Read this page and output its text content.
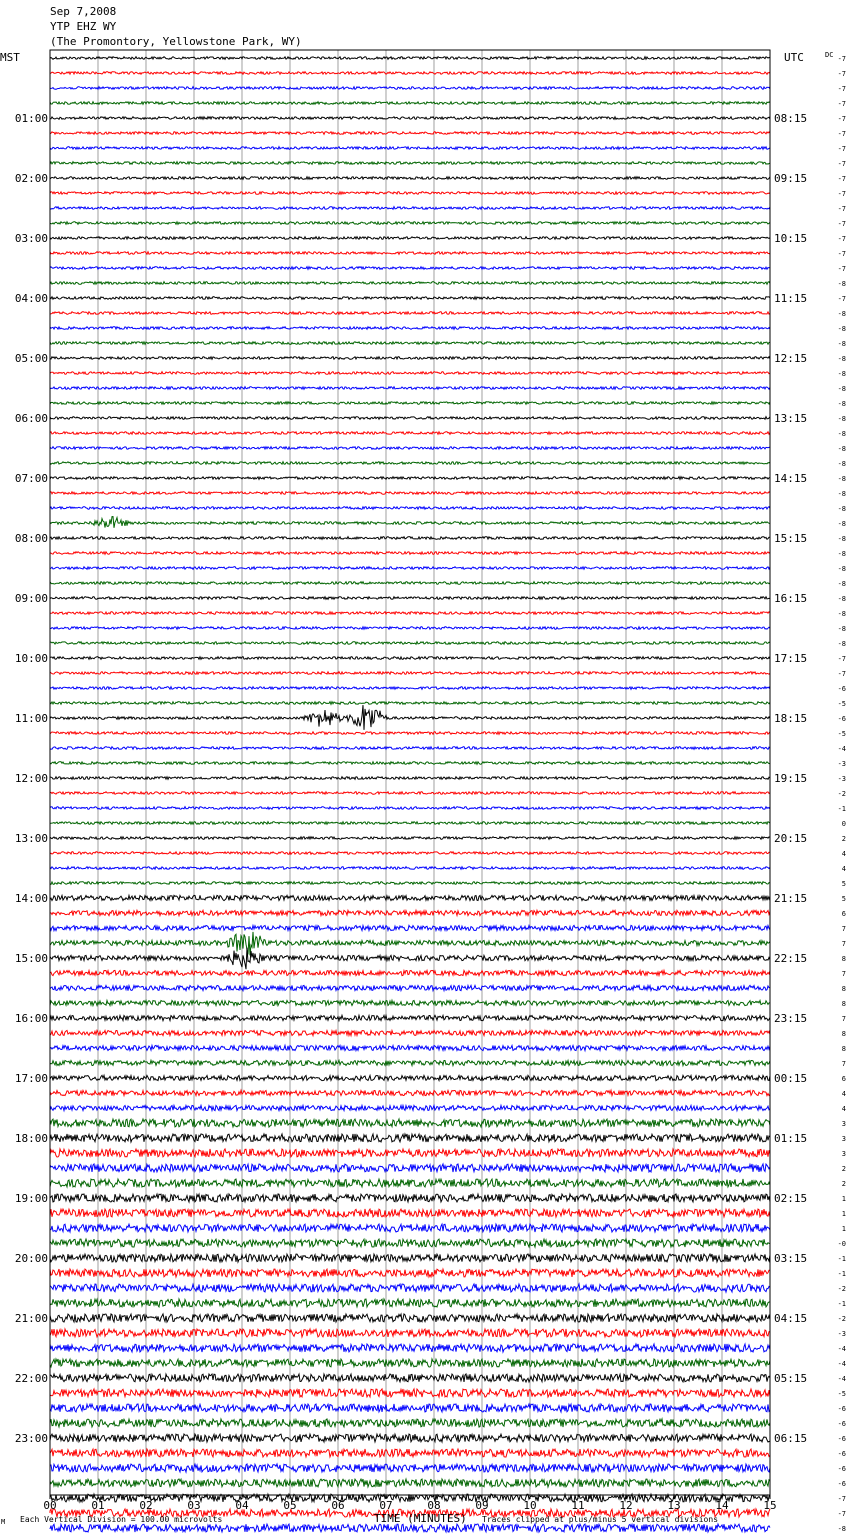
Sep 7,2008
YTP EHZ WY
(The Promontory, Yellowstone Park, WY)
MST	UTC	DC
01:00
02:00
03:00
04:00
05:00
06:00
07:00
08:00
09:00
10:00
11:00
12:00
13:00
14:00
15:00
16:00
17:00
18:00
19:00
20:00
21:00
22:00
23:00
08:15
09:15
10:15
11:15
12:15
13:15
14:15
15:15
16:15
17:15
18:15
19:15
20:15
21:15
22:15
23:15
00:15
01:15
02:15
03:15
04:15
05:15
06:15
-7
-7
-7
-7
-7
-7
-7
-7
-7
-7
-7
-7
-7
-7
-7
-8
-7
-8
-8
-8
-8
-8
-8
-8
-8
-8
-8
-8
-8
-8
-8
-8
-8
-8
-8
-8
-8
-8
-8
-8
-7
-7
-6
-5
-6
-5
-4
-3
-3
-2
-1
0
2
4
4
5
5
6
7
7
8
7
8
8
7
8
8
7
6
4
4
3
3
3
2
2
1
1
1
-0
-1
-1
-2
-1
-2
-3
-4
-4
-4
-5
-6
-6
-6
-6
-6
-6
-7
-7
-8
00	01	02	03	04	05	06	07	08	09	10	11	12	13	14	15
M Each Vertical Division = 100.00 microvolts	TIME (MINUTES) Traces clipped at plus/minus 5 vertical divisions
